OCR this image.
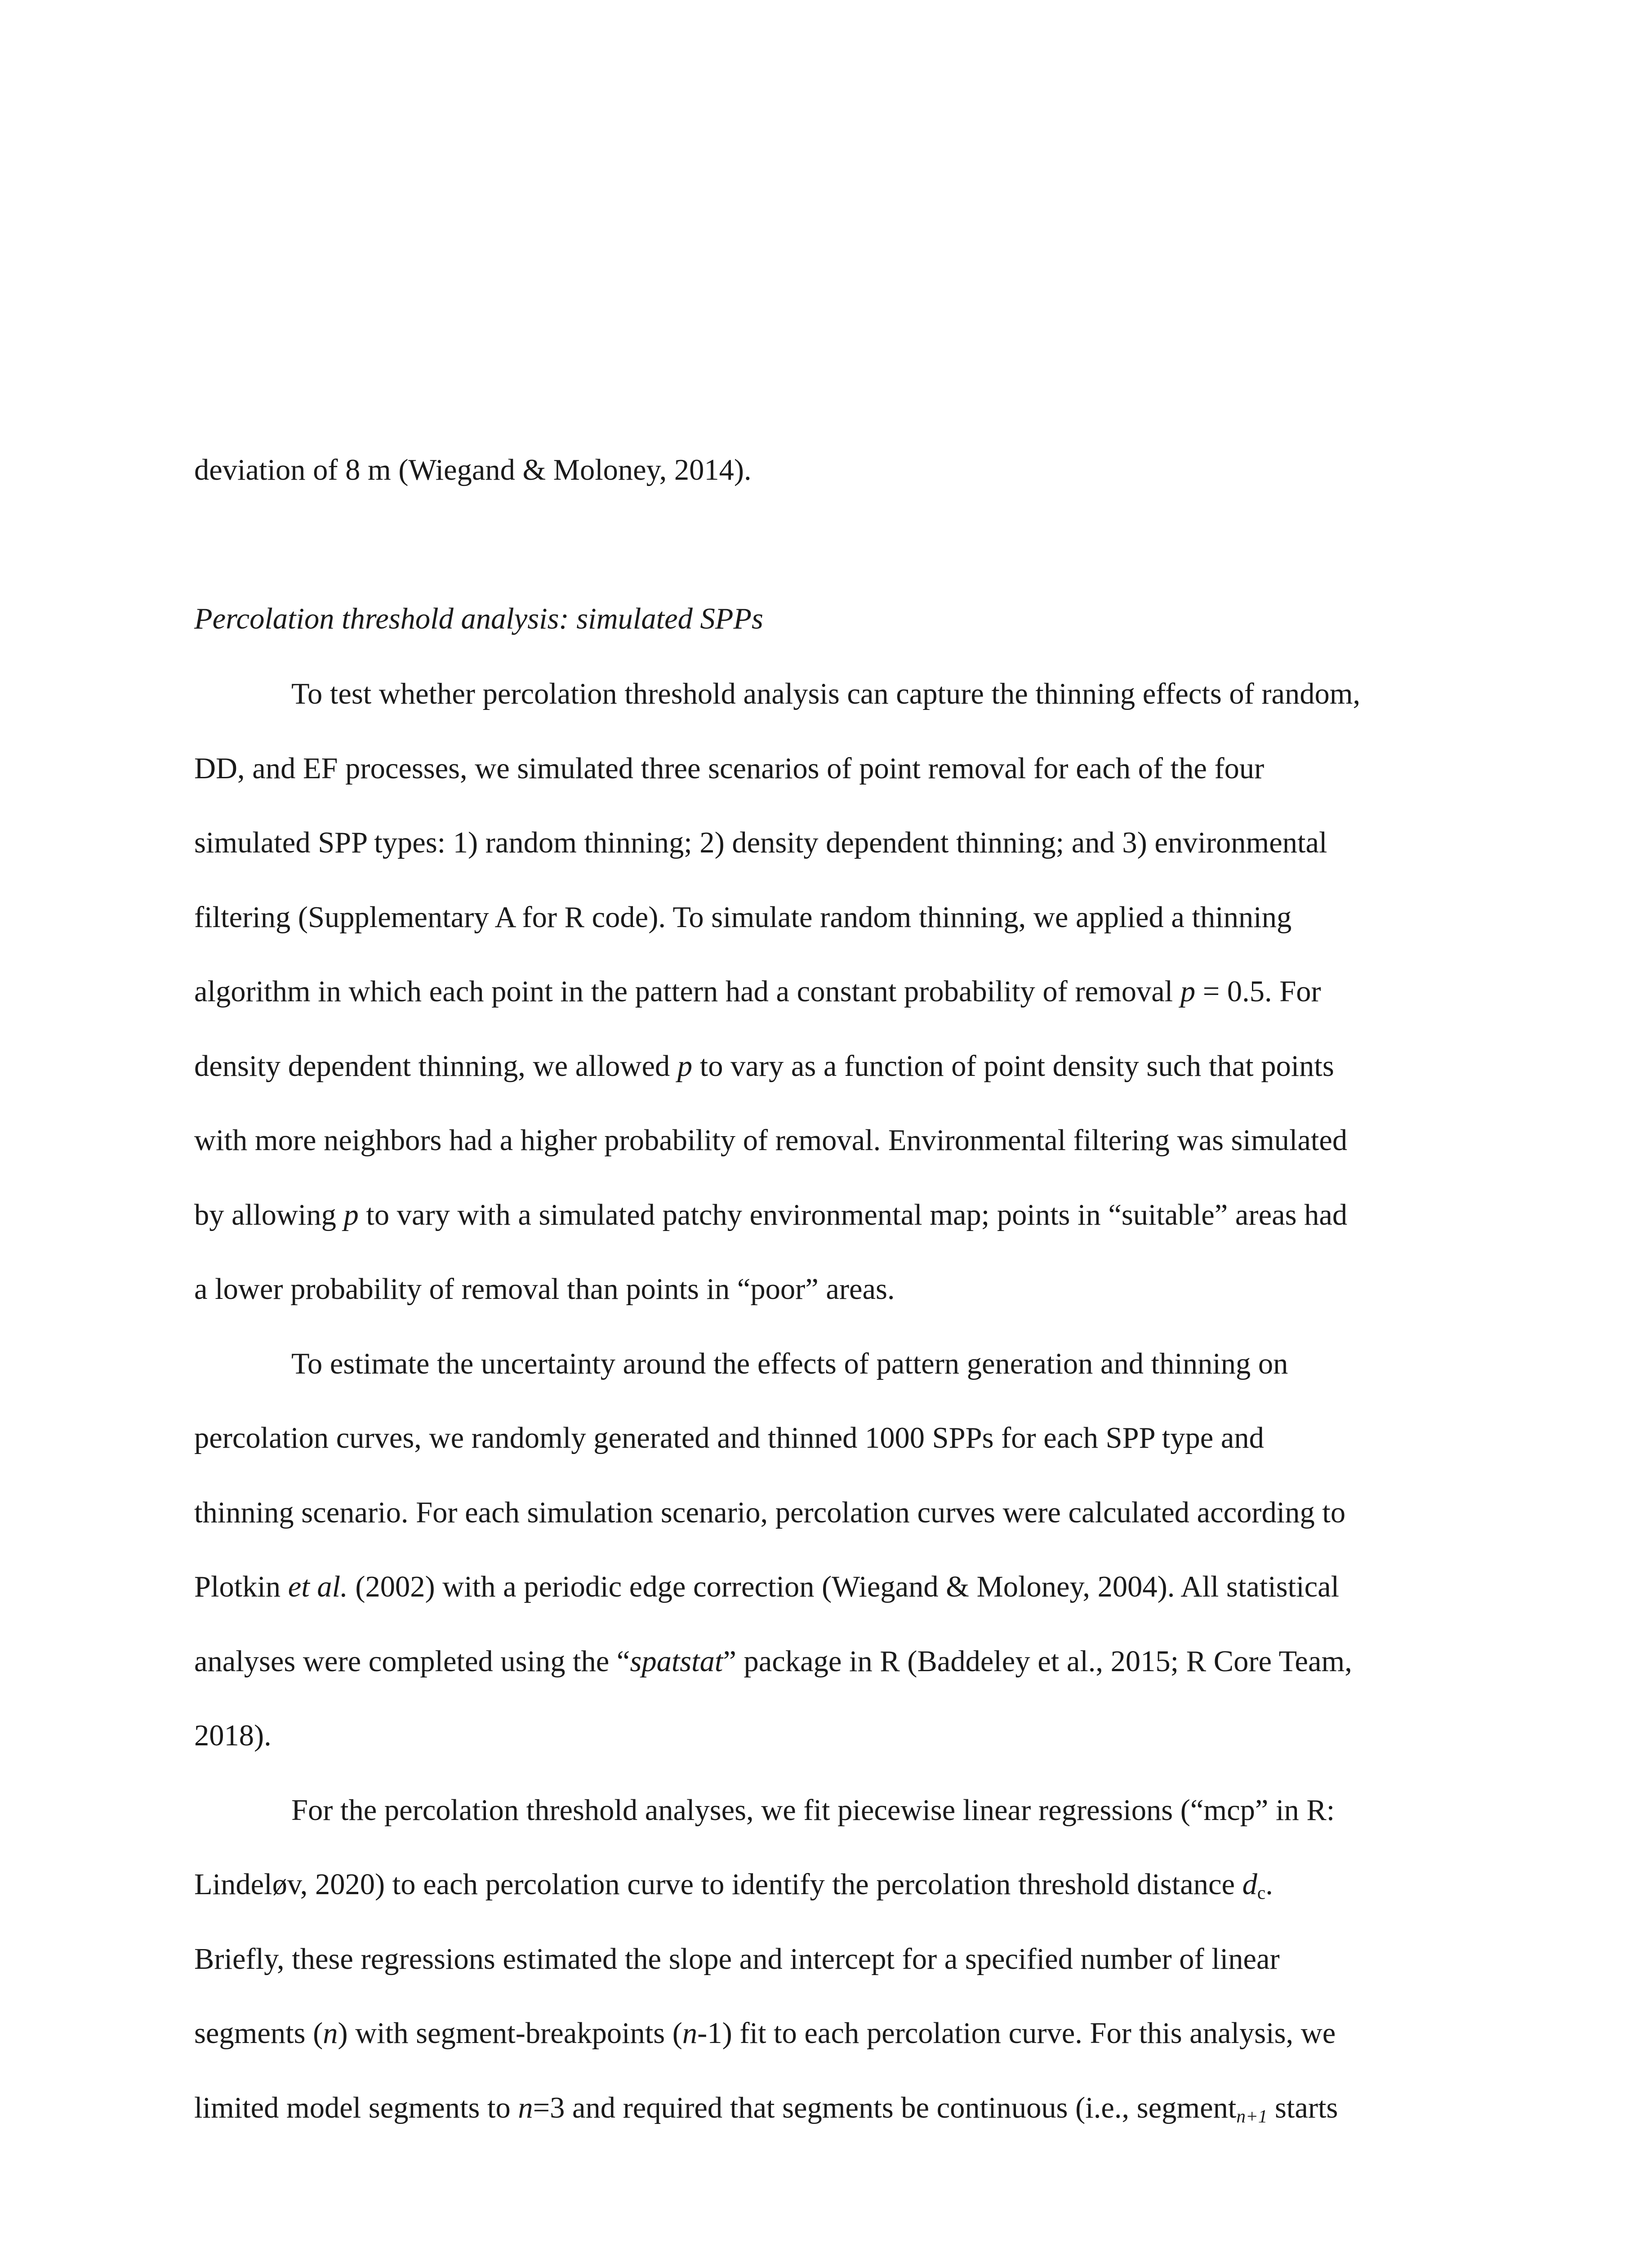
deviation of 8 m (Wiegand & Moloney, 2014).
Percolation threshold analysis: simulated SPPs
To test whether percolation threshold analysis can capture the thinning effects of random,
DD, and EF processes, we simulated three scenarios of point removal for each of the four
simulated SPP types: 1) random thinning; 2) density dependent thinning; and 3) environmental
filtering (Supplementary A for R code). To simulate random thinning, we applied a thinning
algorithm in which each point in the pattern had a constant probability of removal p = 0.5. For
density dependent thinning, we allowed p to vary as a function of point density such that points
with more neighbors had a higher probability of removal. Environmental filtering was simulated
by allowing p to vary with a simulated patchy environmental map; points in “suitable” areas had
a lower probability of removal than points in “poor” areas.
To estimate the uncertainty around the effects of pattern generation and thinning on
percolation curves, we randomly generated and thinned 1000 SPPs for each SPP type and
thinning scenario. For each simulation scenario, percolation curves were calculated according to
Plotkin et al. (2002) with a periodic edge correction (Wiegand & Moloney, 2004). All statistical
analyses were completed using the “spatstat” package in R (Baddeley et al., 2015; R Core Team,
2018).
For the percolation threshold analyses, we fit piecewise linear regressions (“mcp” in R:
Lindeløv, 2020) to each percolation curve to identify the percolation threshold distance $d_c$.
Briefly, these regressions estimated the slope and intercept for a specified number of linear
segments (n) with segment-breakpoints (n-1) fit to each percolation curve. For this analysis, we
limited model segments to n=3 and required that segments be continuous (i.e., segment$_{n+1}$ starts
